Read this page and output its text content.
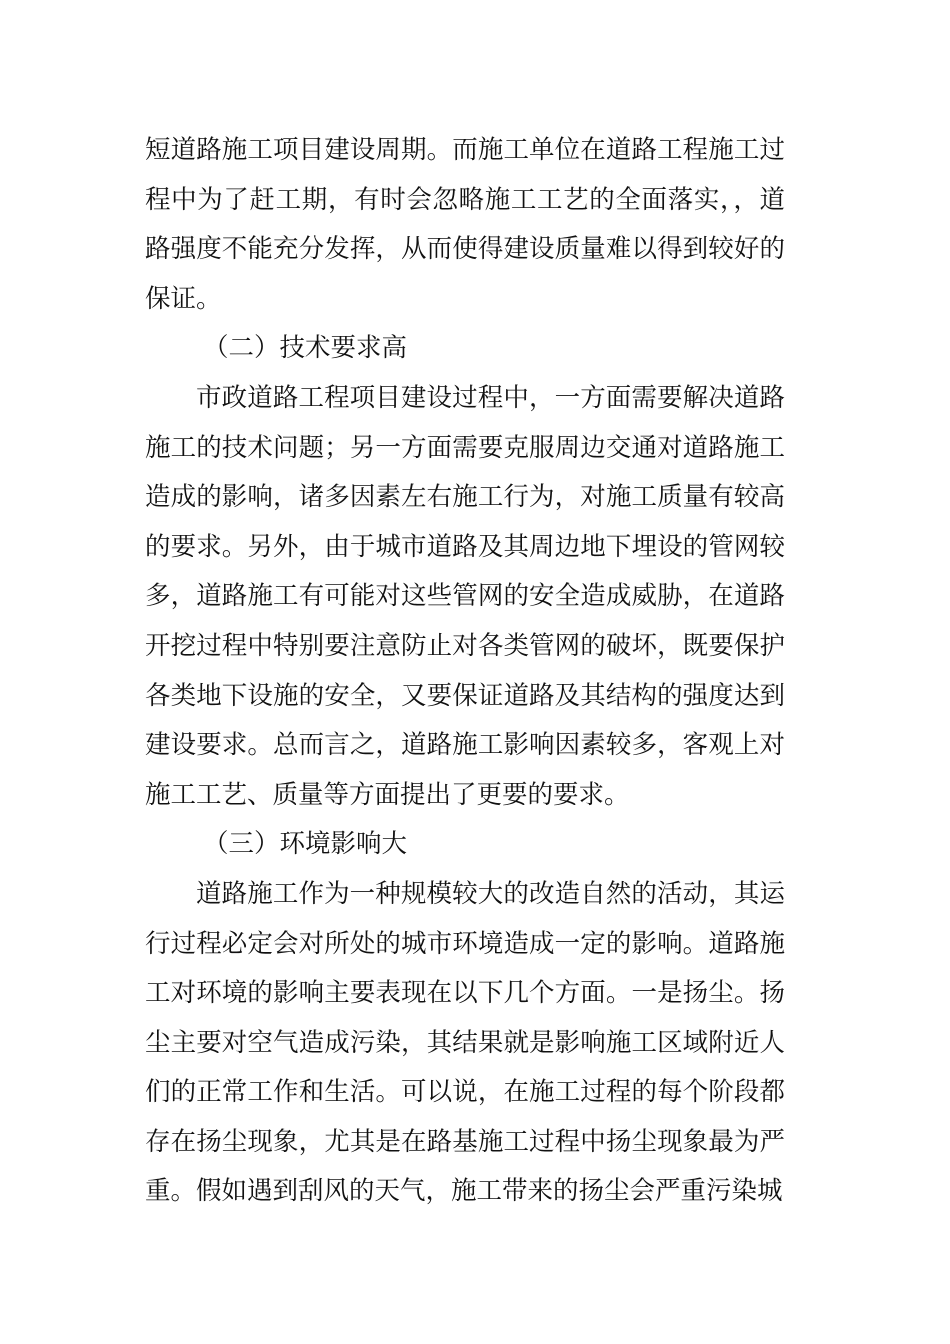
短道路施工项目建设周期。而施工单位在道路工程施工过程中为了赶工期，有时会忽略施工工艺的全面落实，，道路强度不能充分发挥，从而使得建设质量难以得到较好的保证。

（二）技术要求高

市政道路工程项目建设过程中，一方面需要解决道路施工的技术问题；另一方面需要克服周边交通对道路施工造成的影响，诸多因素左右施工行为，对施工质量有较高的要求。另外，由于城市道路及其周边地下埋设的管网较多，道路施工有可能对这些管网的安全造成威胁，在道路开挖过程中特别要注意防止对各类管网的破坏，既要保护各类地下设施的安全，又要保证道路及其结构的强度达到建设要求。总而言之，道路施工影响因素较多，客观上对施工工艺、质量等方面提出了更要的要求。

（三）环境影响大

道路施工作为一种规模较大的改造自然的活动，其运行过程必定会对所处的城市环境造成一定的影响。道路施工对环境的影响主要表现在以下几个方面。一是扬尘。扬尘主要对空气造成污染，其结果就是影响施工区域附近人们的正常工作和生活。可以说，在施工过程的每个阶段都存在扬尘现象，尤其是在路基施工过程中扬尘现象最为严重。假如遇到刮风的天气，施工带来的扬尘会严重污染城
